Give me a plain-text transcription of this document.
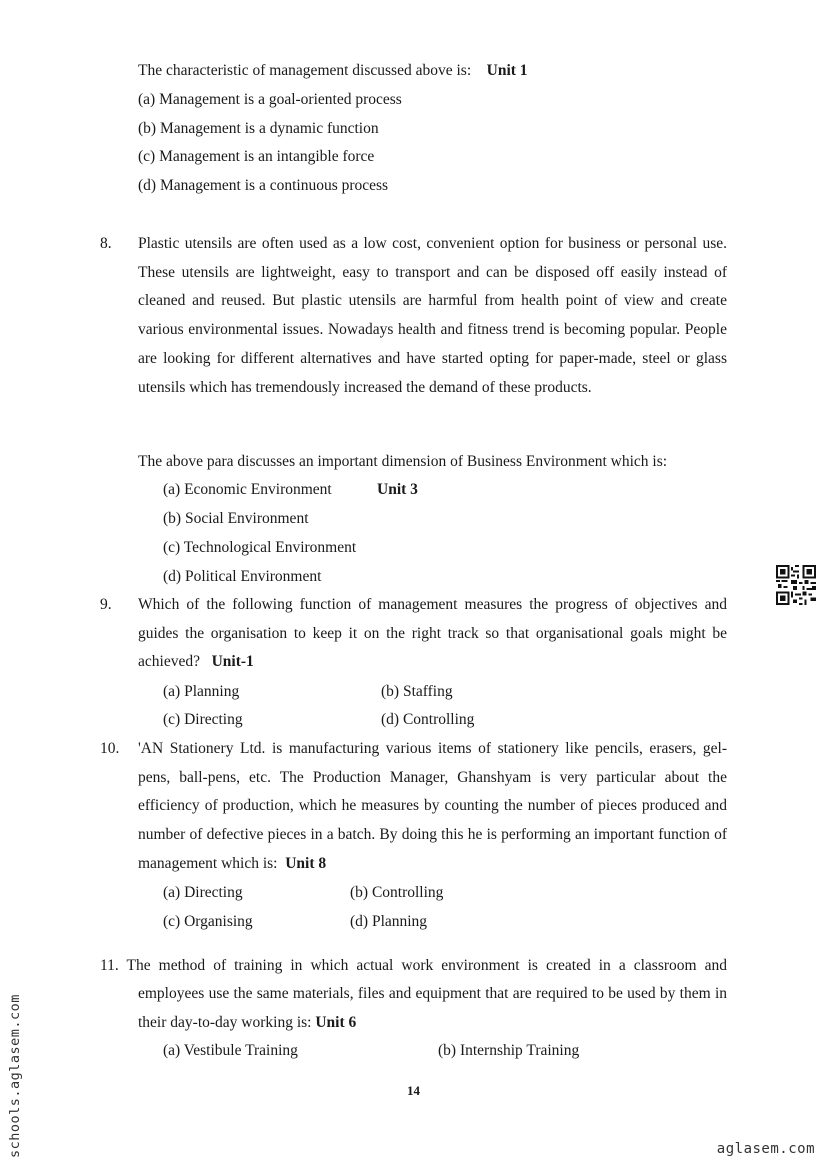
The characteristic of management discussed above is: Unit 1
(a) Management is a goal-oriented process
(b) Management is a dynamic function
(c) Management is an intangible force
(d) Management is a continuous process
8. Plastic utensils are often used as a low cost, convenient option for business or personal use. These utensils are lightweight, easy to transport and can be disposed off easily instead of cleaned and reused. But plastic utensils are harmful from health point of view and create various environmental issues. Nowadays health and fitness trend is becoming popular. People are looking for different alternatives and have started opting for paper-made, steel or glass utensils which has tremendously increased the demand of these products.
The above para discusses an important dimension of Business Environment which is:
(a) Economic Environment	Unit 3
(b) Social Environment
(c) Technological Environment
(d) Political Environment
9. Which of the following function of management measures the progress of objectives and guides the organisation to keep it on the right track so that organisational goals might be achieved? Unit-1
(a) Planning	(b) Staffing
(c) Directing	(d) Controlling
10. 'AN Stationery Ltd. is manufacturing various items of stationery like pencils, erasers, gel-pens, ball-pens, etc. The Production Manager, Ghanshyam is very particular about the efficiency of production, which he measures by counting the number of pieces produced and number of defective pieces in a batch. By doing this he is performing an important function of management which is: Unit 8
(a) Directing	(b) Controlling
(c) Organising	(d) Planning
11. The method of training in which actual work environment is created in a classroom and
employees use the same materials, files and equipment that are required to be used by them in their day-to-day working is: Unit 6
(a) Vestibule Training	(b) Internship Training
14
aglasem.com
schools.aglasem.com
